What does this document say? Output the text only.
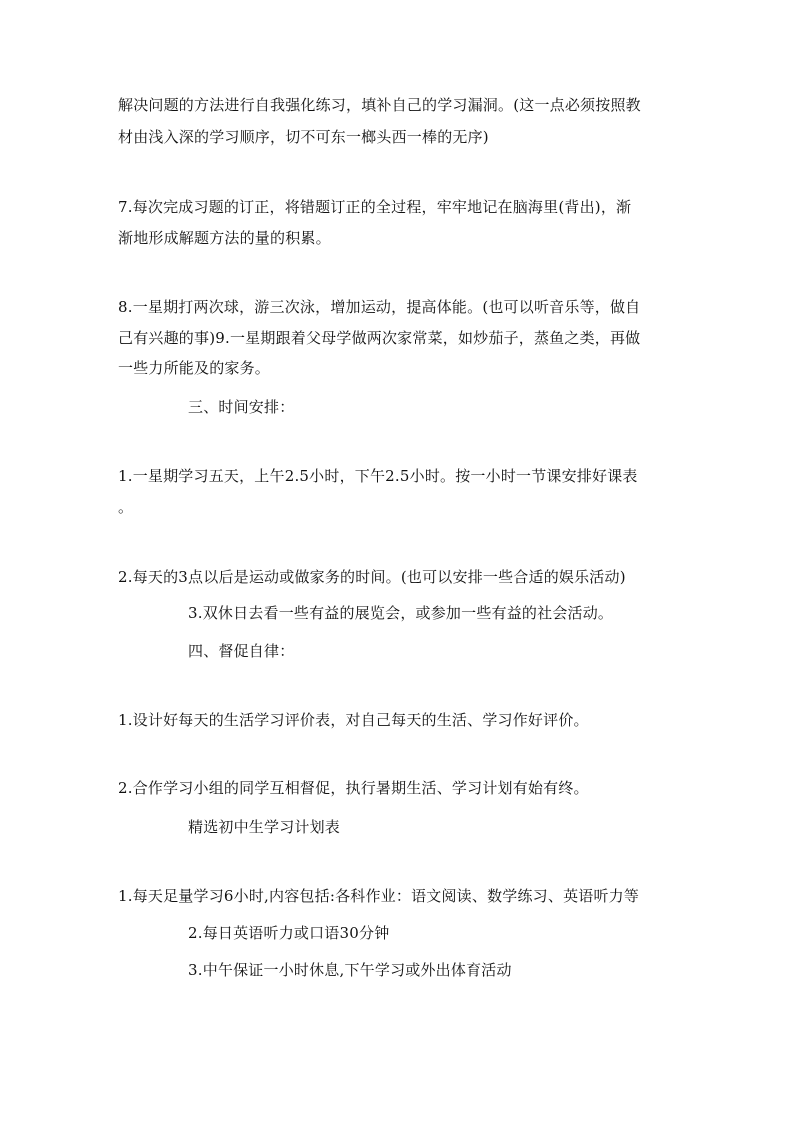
解决问题的方法进行自我强化练习，填补自己的学习漏洞。(这一点必须按照教
材由浅入深的学习顺序，切不可东一榔头西一棒的无序)
7.每次完成习题的订正，将错题订正的全过程，牢牢地记在脑海里(背出)，渐
渐地形成解题方法的量的积累。
8.一星期打两次球，游三次泳，增加运动，提高体能。(也可以听音乐等，做自
己有兴趣的事)9.一星期跟着父母学做两次家常菜，如炒茄子，蒸鱼之类，再做
一些力所能及的家务。
三、时间安排：
1.一星期学习五天，上午2.5小时，下午2.5小时。按一小时一节课安排好课表
。
2.每天的3点以后是运动或做家务的时间。(也可以安排一些合适的娱乐活动)
3.双休日去看一些有益的展览会，或参加一些有益的社会活动。
四、督促自律：
1.设计好每天的生活学习评价表，对自己每天的生活、学习作好评价。
2.合作学习小组的同学互相督促，执行暑期生活、学习计划有始有终。
精选初中生学习计划表
1.每天足量学习6小时,内容包括:各科作业：语文阅读、数学练习、英语听力等
2.每日英语听力或口语30分钟
3.中午保证一小时休息,下午学习或外出体育活动
